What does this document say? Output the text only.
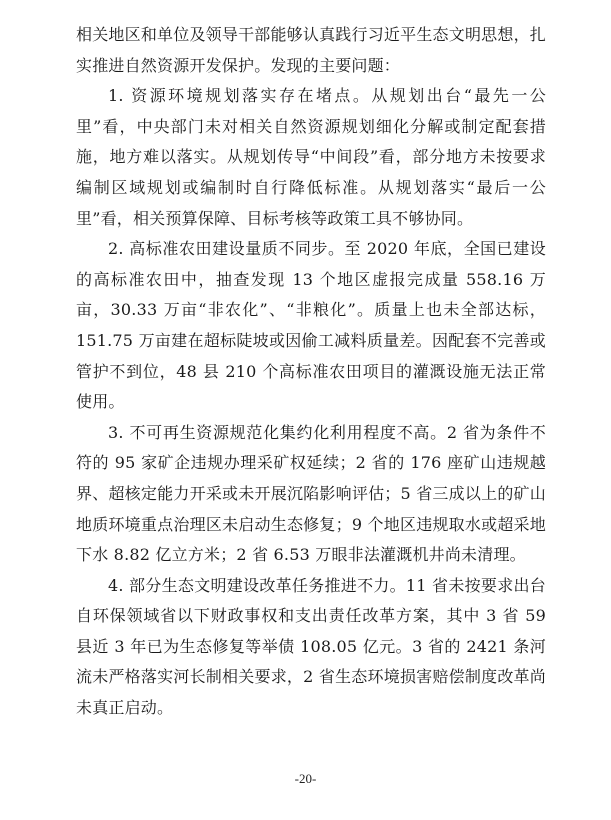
相关地区和单位及领导干部能够认真践行习近平生态文明思想，扎实推进自然资源开发保护。发现的主要问题：

1. 资源环境规划落实存在堵点。从规划出台“最先一公里”看，中央部门未对相关自然资源规划细化分解或制定配套措施，地方难以落实。从规划传导“中间段”看，部分地方未按要求编制区域规划或编制时自行降低标准。从规划落实“最后一公里”看，相关预算保障、目标考核等政策工具不够协同。

2. 高标准农田建设量质不同步。至 2020 年底，全国已建设的高标准农田中，抽查发现 13 个地区虚报完成量 558.16 万亩，30.33 万亩“非农化”、“非粮化”。质量上也未全部达标，151.75 万亩建在超标陡坡或因偷工减料质量差。因配套不完善或管护不到位，48 县 210 个高标准农田项目的灌溉设施无法正常使用。

3. 不可再生资源规范化集约化利用程度不高。2 省为条件不符的 95 家矿企违规办理采矿权延续；2 省的 176 座矿山违规越界、超核定能力开采或未开展沉陷影响评估；5 省三成以上的矿山地质环境重点治理区未启动生态修复；9 个地区违规取水或超采地下水 8.82 亿立方米；2 省 6.53 万眼非法灌溉机井尚未清理。

4. 部分生态文明建设改革任务推进不力。11 省未按要求出台自环保领域省以下财政事权和支出责任改革方案，其中 3 省 59 县近 3 年已为生态修复等举债 108.05 亿元。3 省的 2421 条河流未严格落实河长制相关要求，2 省生态环境损害赔偿制度改革尚未真正启动。

-20-
